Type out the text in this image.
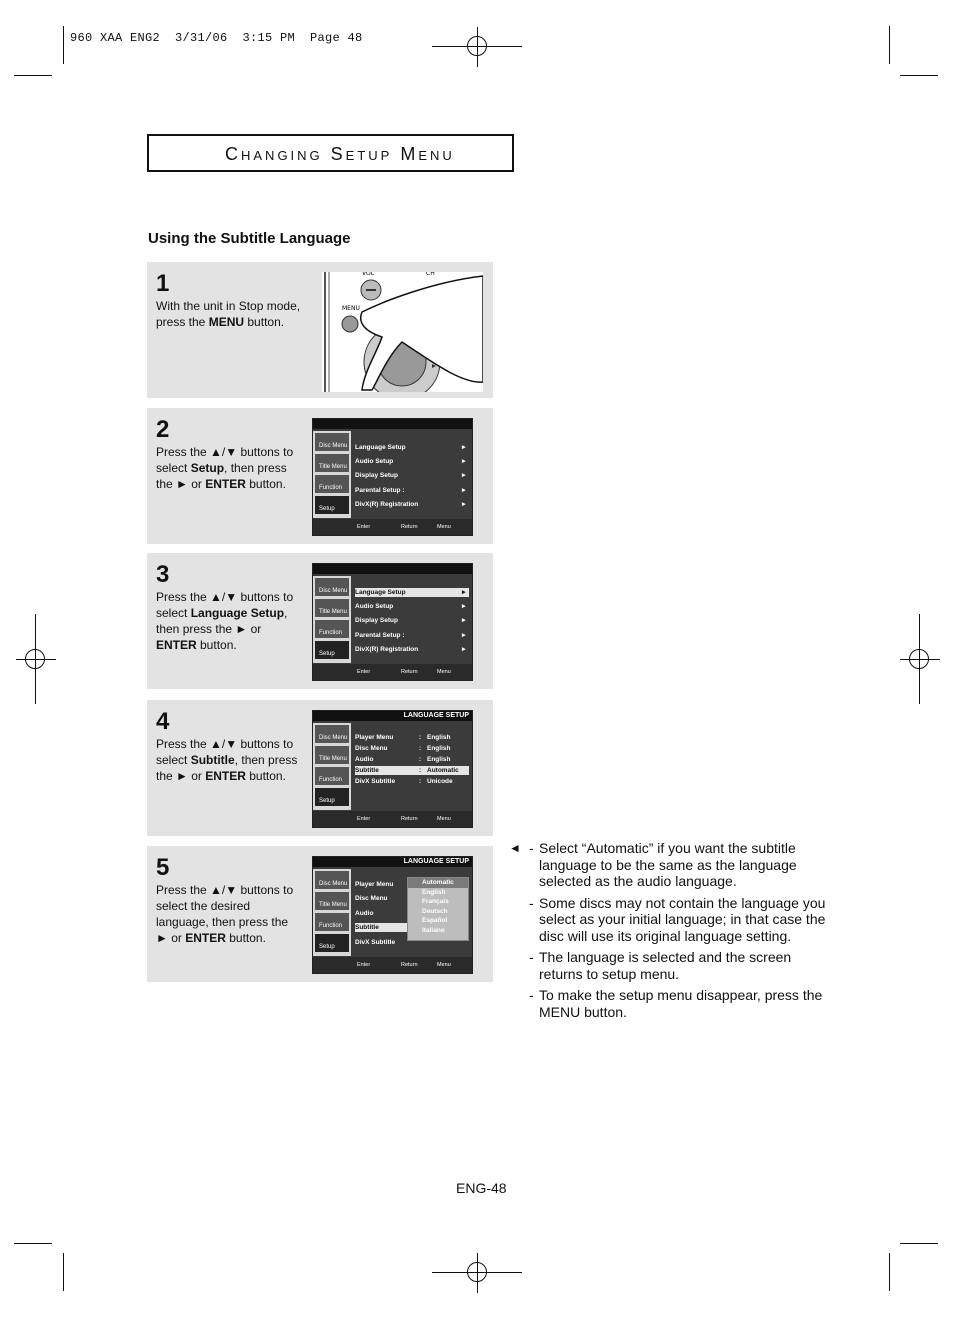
960 XAA ENG2  3/31/06  3:15 PM  Page 48
Changing Setup Menu
Using the Subtitle Language
1
With the unit in Stop mode, press the MENU button.
VOL	CH
MENU
2
Press the ▲/▼ buttons to select Setup, then press the ► or ENTER button.
Disc Menu
Title Menu
Function
Setup
Language Setup	►
Audio Setup	►
Display Setup	►
Parental Setup :	►
DivX(R) Registration	►
Enter	Return	Menu
3
Press the ▲/▼ buttons to select Language Setup, then press the ► or ENTER button.
Disc Menu
Title Menu
Function
Setup
Language Setup	►
Audio Setup	►
Display Setup	►
Parental Setup :	►
DivX(R) Registration	►
Enter	Return	Menu
4
Press the ▲/▼ buttons to select Subtitle, then press the ► or ENTER button.
LANGUAGE SETUP
Disc Menu
Title Menu
Function
Setup
Player Menu	: English
Disc Menu	: English
Audio	: English
Subtitle	: Automatic
DivX Subtitle	: Unicode
Enter	Return	Menu
5
Press the ▲/▼ buttons to select the desired language, then press the ► or ENTER button.
LANGUAGE SETUP
Disc Menu
Title Menu
Function
Setup
Player Menu
Disc Menu
Audio
Subtitle
DivX Subtitle
Automatic
English
Français
Deutsch
Español
Italiano
Enter	Return	Menu
◄ - Select “Automatic” if you want the subtitle language to be the same as the language selected as the audio language.
- Some discs may not contain the language you select as your initial language; in that case the disc will use its original language setting.
- The language is selected and the screen returns to setup menu.
- To make the setup menu disappear, press the MENU button.
ENG-48
